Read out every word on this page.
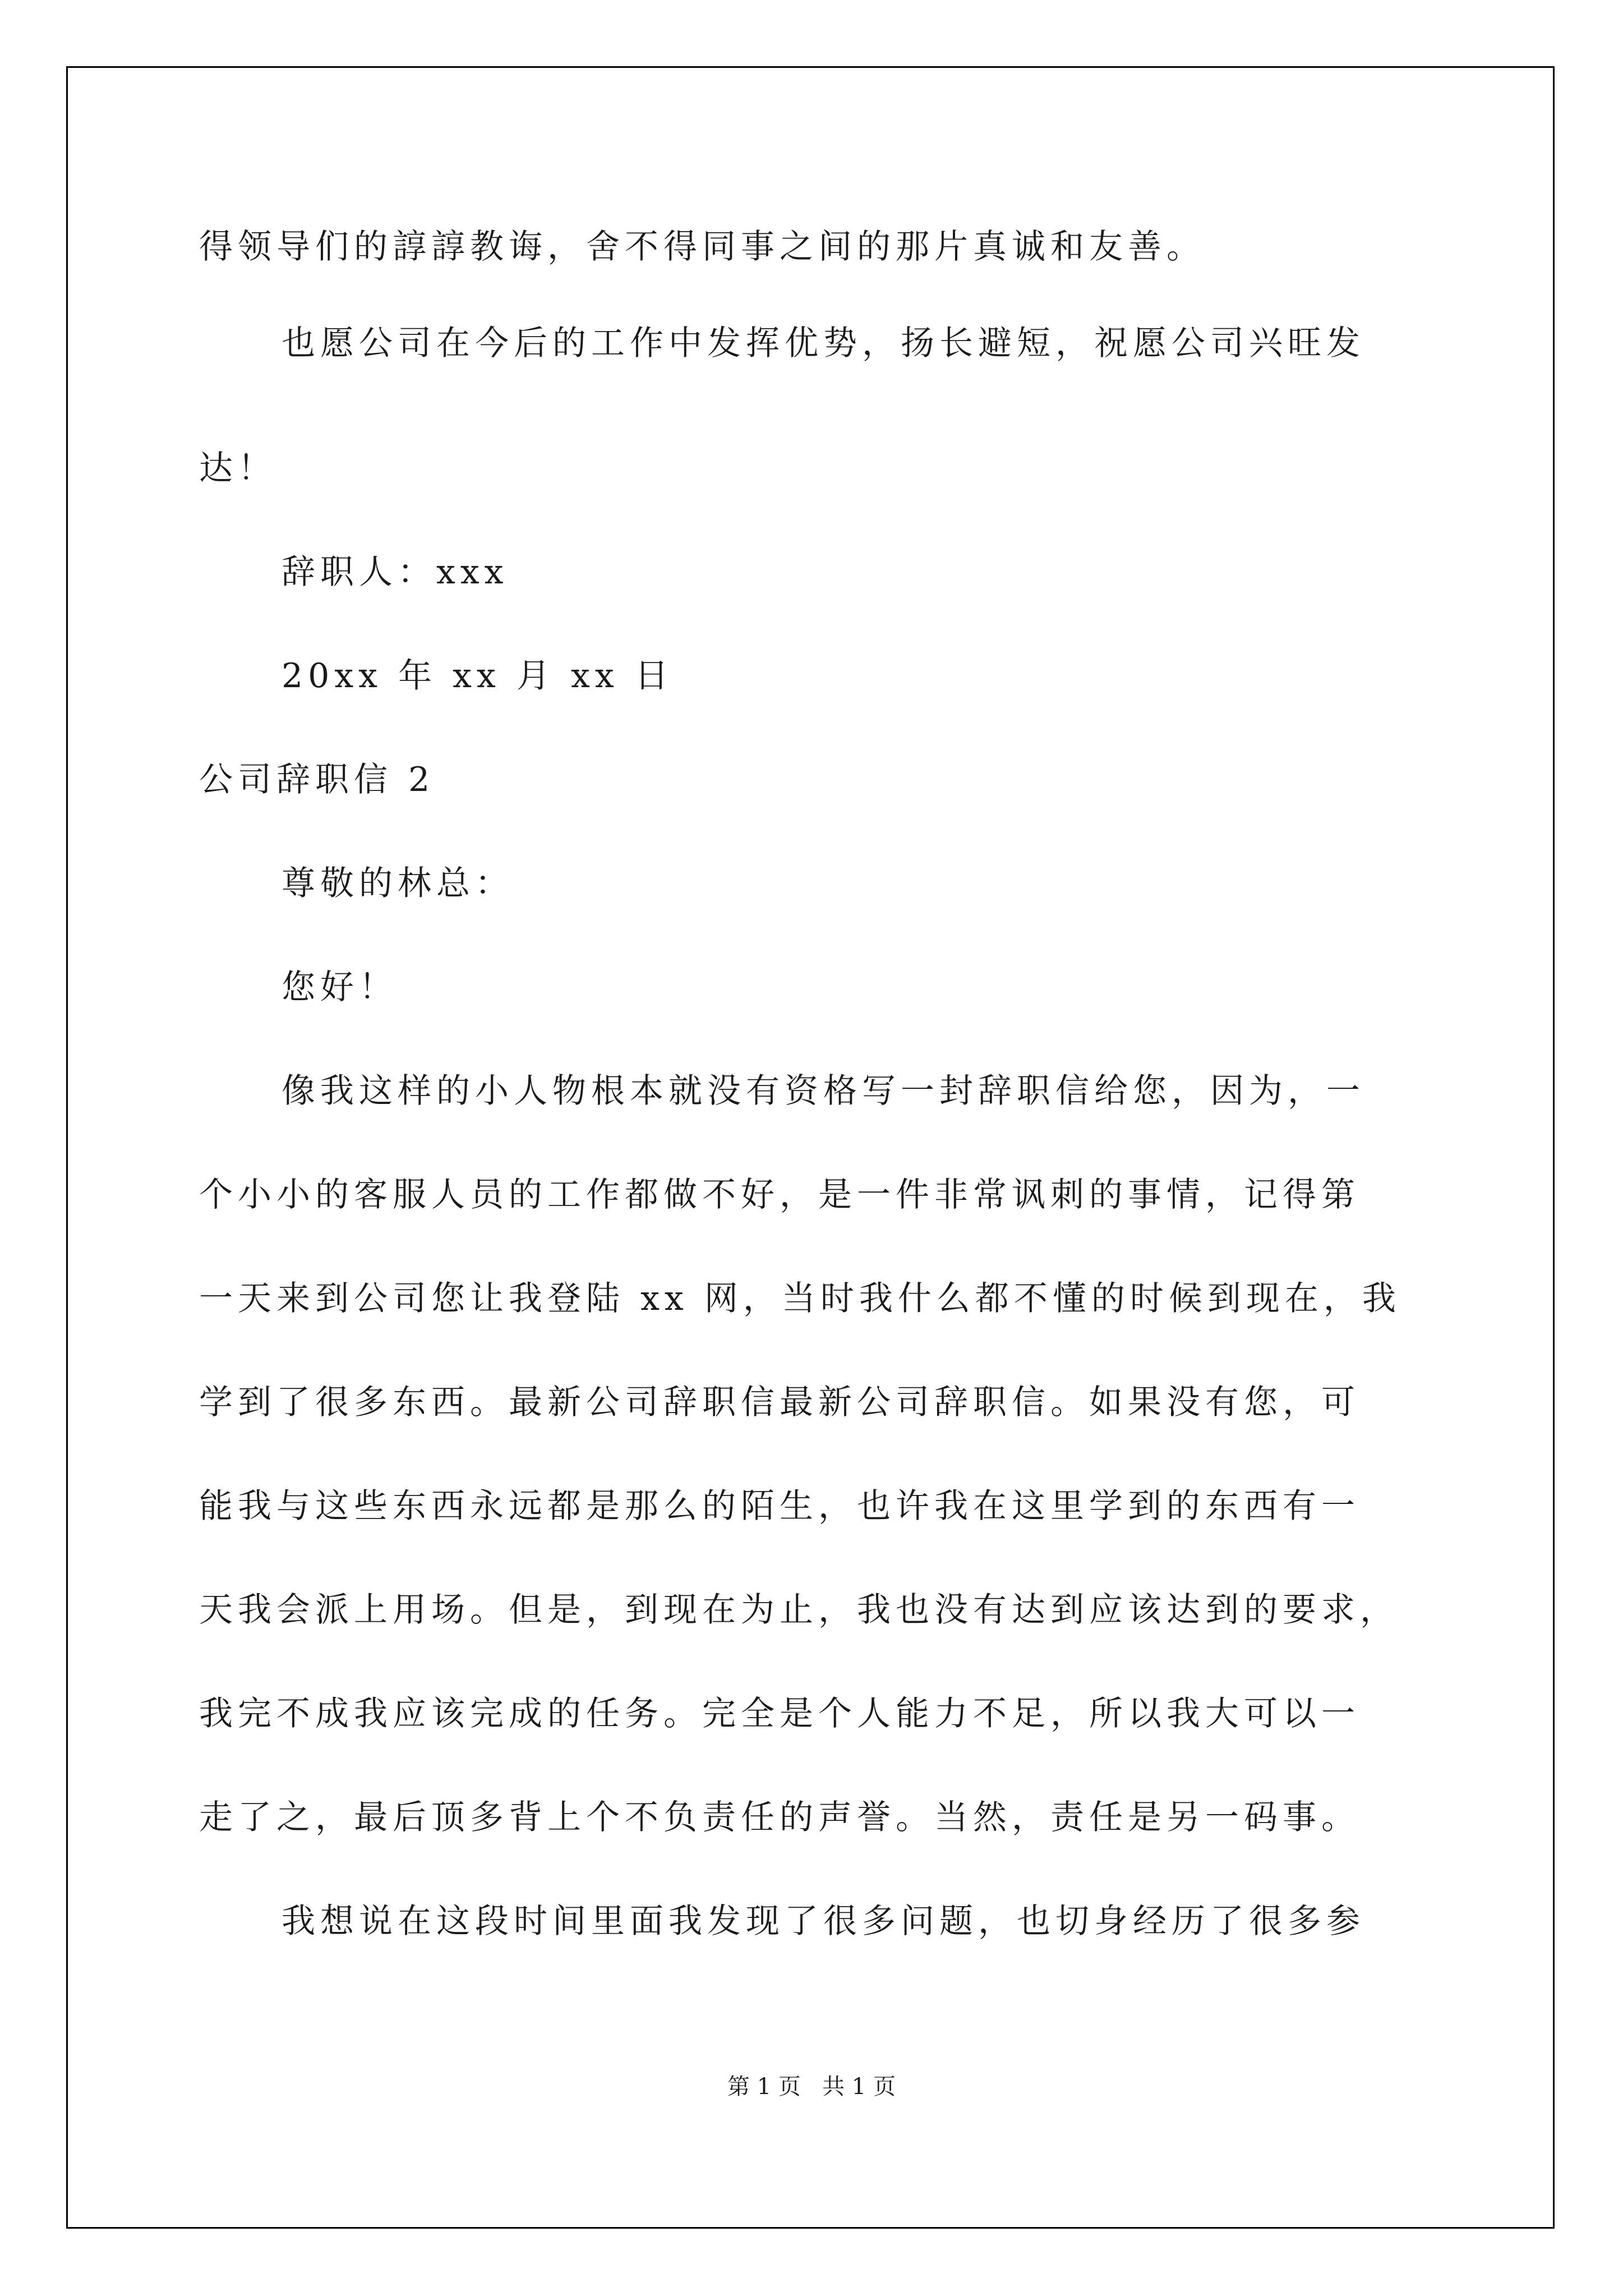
得领导们的諄諄教诲，舍不得同事之间的那片真诚和友善。
也愿公司在今后的工作中发挥优势，扬长避短，祝愿公司兴旺发
达！
辞职人：xxx
20xx 年 xx 月 xx 日
公司辞职信 2
尊敬的林总：
您好！
像我这样的小人物根本就没有资格写一封辞职信给您，因为，一
个小小的客服人员的工作都做不好，是一件非常讽刺的事情，记得第
一天来到公司您让我登陆 xx 网，当时我什么都不懂的时候到现在，我
学到了很多东西。最新公司辞职信最新公司辞职信。如果没有您，可
能我与这些东西永远都是那么的陌生，也许我在这里学到的东西有一
天我会派上用场。但是，到现在为止，我也没有达到应该达到的要求，
我完不成我应该完成的任务。完全是个人能力不足，所以我大可以一
走了之，最后顶多背上个不负责任的声誉。当然，责任是另一码事。
我想说在这段时间里面我发现了很多问题，也切身经历了很多参
第 1 页   共 1 页
